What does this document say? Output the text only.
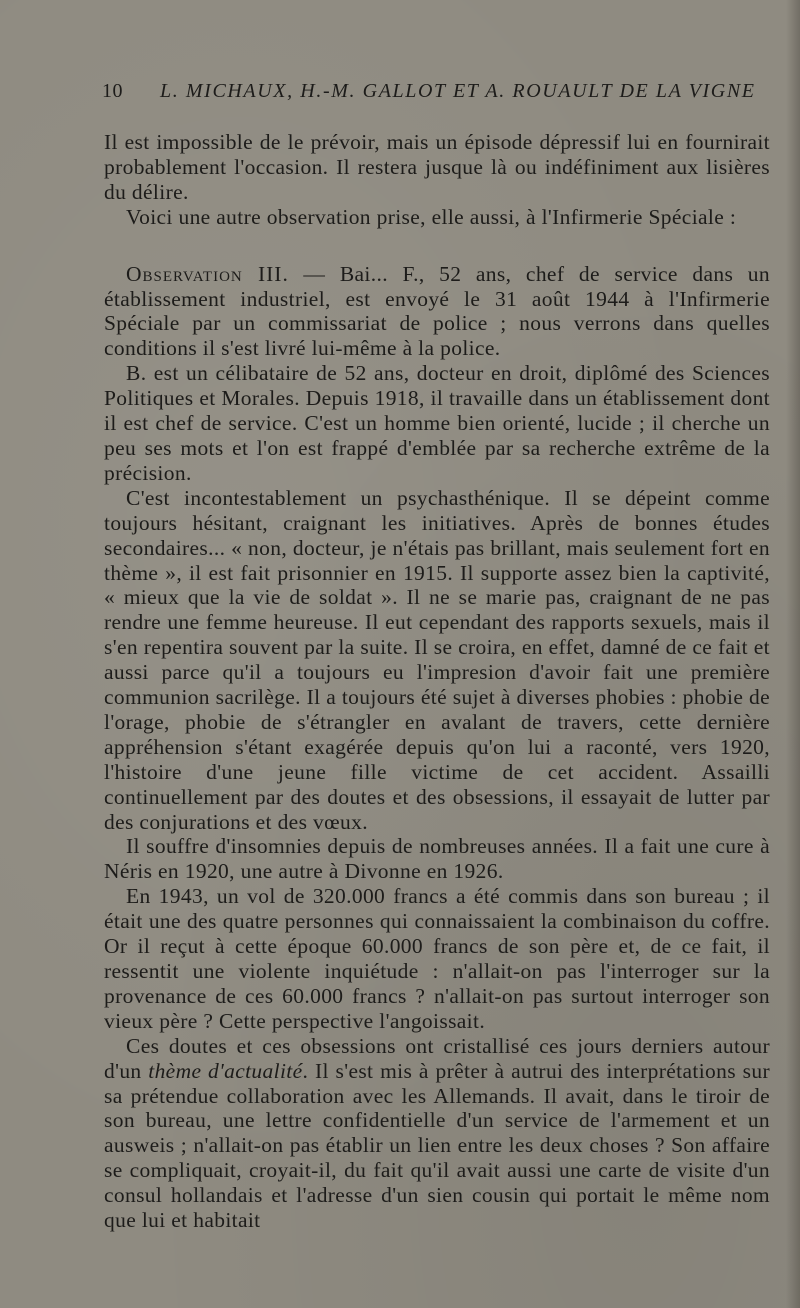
10 L. MICHAUX, H.-M. GALLOT ET A. ROUAULT DE LA VIGNE

Il est impossible de le prévoir, mais un épisode dépressif lui en fournirait probablement l'occasion. Il restera jusque là ou indéfiniment aux lisières du délire.

Voici une autre observation prise, elle aussi, à l'Infirmerie Spéciale :

Observation III. — Bai... F., 52 ans, chef de service dans un établissement industriel, est envoyé le 31 août 1944 à l'Infirmerie Spéciale par un commissariat de police ; nous verrons dans quelles conditions il s'est livré lui-même à la police.

B. est un célibataire de 52 ans, docteur en droit, diplômé des Sciences Politiques et Morales. Depuis 1918, il travaille dans un établissement dont il est chef de service. C'est un homme bien orienté, lucide ; il cherche un peu ses mots et l'on est frappé d'emblée par sa recherche extrême de la précision.

C'est incontestablement un psychasthénique. Il se dépeint comme toujours hésitant, craignant les initiatives. Après de bonnes études secondaires... « non, docteur, je n'étais pas brillant, mais seulement fort en thème », il est fait prisonnier en 1915. Il supporte assez bien la captivité, « mieux que la vie de soldat ». Il ne se marie pas, craignant de ne pas rendre une femme heureuse. Il eut cependant des rapports sexuels, mais il s'en repentira souvent par la suite. Il se croira, en effet, damné de ce fait et aussi parce qu'il a toujours eu l'impresion d'avoir fait une première communion sacrilège. Il a toujours été sujet à diverses phobies : phobie de l'orage, phobie de s'étrangler en avalant de travers, cette dernière appréhension s'étant exagérée depuis qu'on lui a raconté, vers 1920, l'histoire d'une jeune fille victime de cet accident. Assailli continuellement par des doutes et des obsessions, il essayait de lutter par des conjurations et des vœux.

Il souffre d'insomnies depuis de nombreuses années. Il a fait une cure à Néris en 1920, une autre à Divonne en 1926.

En 1943, un vol de 320.000 francs a été commis dans son bureau ; il était une des quatre personnes qui connaissaient la combinaison du coffre. Or il reçut à cette époque 60.000 francs de son père et, de ce fait, il ressentit une violente inquiétude : n'allait-on pas l'interroger sur la provenance de ces 60.000 francs ? n'allait-on pas surtout interroger son vieux père ? Cette perspective l'angoissait.

Ces doutes et ces obsessions ont cristallisé ces jours derniers autour d'un thème d'actualité. Il s'est mis à prêter à autrui des interprétations sur sa prétendue collaboration avec les Allemands. Il avait, dans le tiroir de son bureau, une lettre confidentielle d'un service de l'armement et un ausweis ; n'allait-on pas établir un lien entre les deux choses ? Son affaire se compliquait, croyait-il, du fait qu'il avait aussi une carte de visite d'un consul hollandais et l'adresse d'un sien cousin qui portait le même nom que lui et habitait
